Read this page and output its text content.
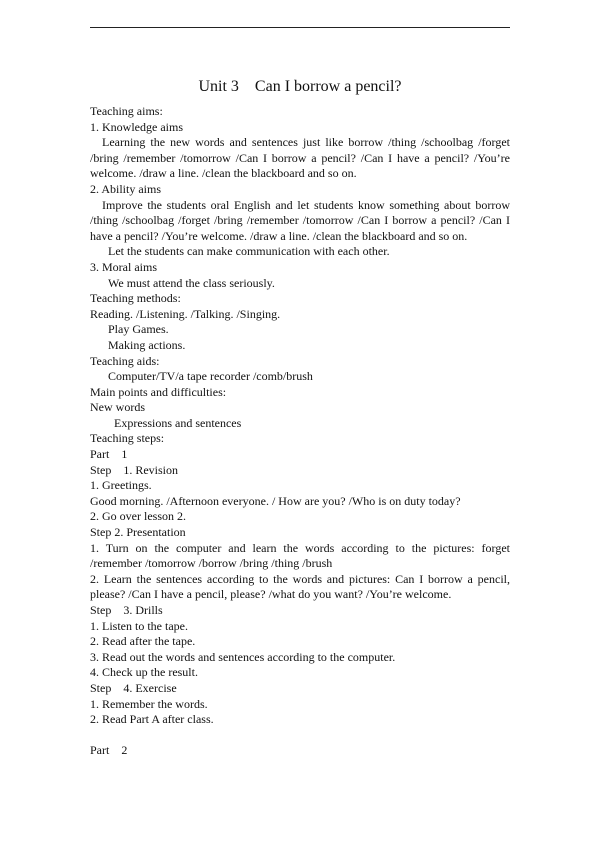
Unit 3    Can I borrow a pencil?

Teaching aims:

1. Knowledge aims

Learning the new words and sentences just like borrow /thing /schoolbag /forget /bring /remember /tomorrow /Can I borrow a pencil? /Can I have a pencil? /You’re welcome. /draw a line. /clean the blackboard and so on.

2. Ability aims

Improve the students oral English and let students know something about borrow /thing /schoolbag /forget /bring /remember /tomorrow /Can I borrow a pencil? /Can I have a pencil? /You’re welcome. /draw a line. /clean the blackboard and so on.

Let the students can make communication with each other.

3. Moral aims

We must attend the class seriously.

Teaching methods:

Reading. /Listening. /Talking. /Singing.

Play Games.

Making actions.

Teaching aids:

Computer/TV/a tape recorder /comb/brush

Main points and difficulties:

New words

Expressions and sentences

Teaching steps:

Part    1

Step    1. Revision

1. Greetings.

Good morning. /Afternoon everyone. / How are you? /Who is on duty today?

2. Go over lesson 2.

Step 2. Presentation

1. Turn on the computer and learn the words according to the pictures: forget /remember /tomorrow /borrow /bring /thing /brush

2. Learn the sentences according to the words and pictures: Can I borrow a pencil, please? /Can I have a pencil, please? /what do you want? /You’re welcome.

Step    3. Drills

1. Listen to the tape.

2. Read after the tape.

3. Read out the words and sentences according to the computer.

4. Check up the result.

Step    4. Exercise

1. Remember the words.

2. Read Part A after class.

Part    2
